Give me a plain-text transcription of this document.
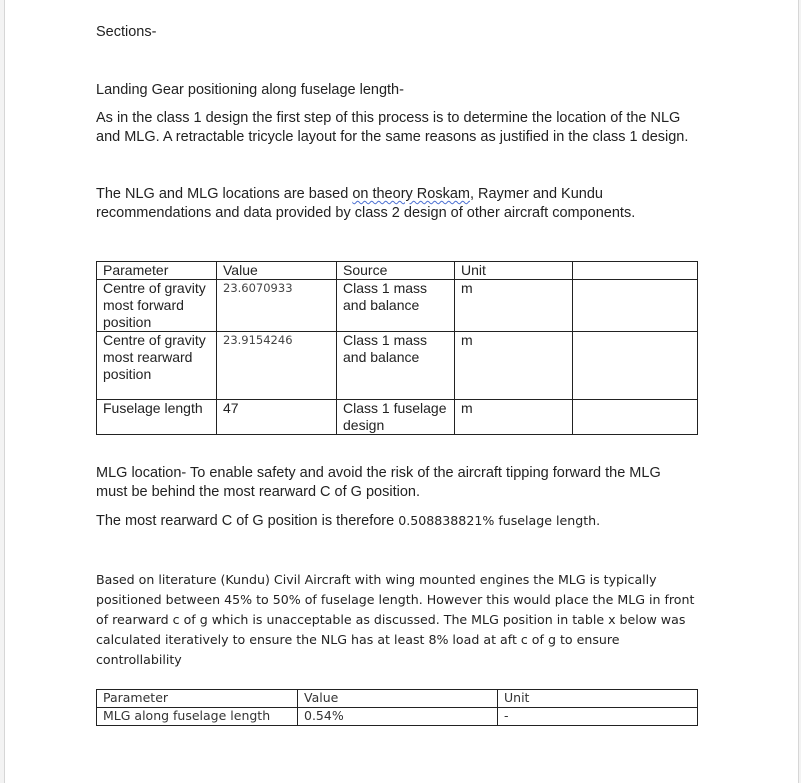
Sections-

Landing Gear positioning along fuselage length-

As in the class 1 design the first step of this process is to determine the location of the NLG and MLG. A retractable tricycle layout for the same reasons as justified in the class 1 design.

The NLG and MLG locations are based on theory Roskam, Raymer and Kundu recommendations and data provided by class 2 design of other aircraft components.

Parameter	Value	Source	Unit	
Centre of gravity most forward position	23.6070933	Class 1 mass and balance	m	
Centre of gravity most rearward position	23.9154246	Class 1 mass and balance	m	
Fuselage length	47	Class 1 fuselage design	m	

MLG location- To enable safety and avoid the risk of the aircraft tipping forward the MLG must be behind the most rearward C of G position.

The most rearward C of G position is therefore 0.508838821% fuselage length.

Based on literature (Kundu) Civil Aircraft with wing mounted engines the MLG is typically positioned between 45% to 50% of fuselage length. However this would place the MLG in front of rearward c of g which is unacceptable as discussed. The MLG position in table x below was calculated iteratively to ensure the NLG has at least 8% load at aft c of g to ensure controllability

Parameter	Value	Unit
MLG along fuselage length	0.54%	-
